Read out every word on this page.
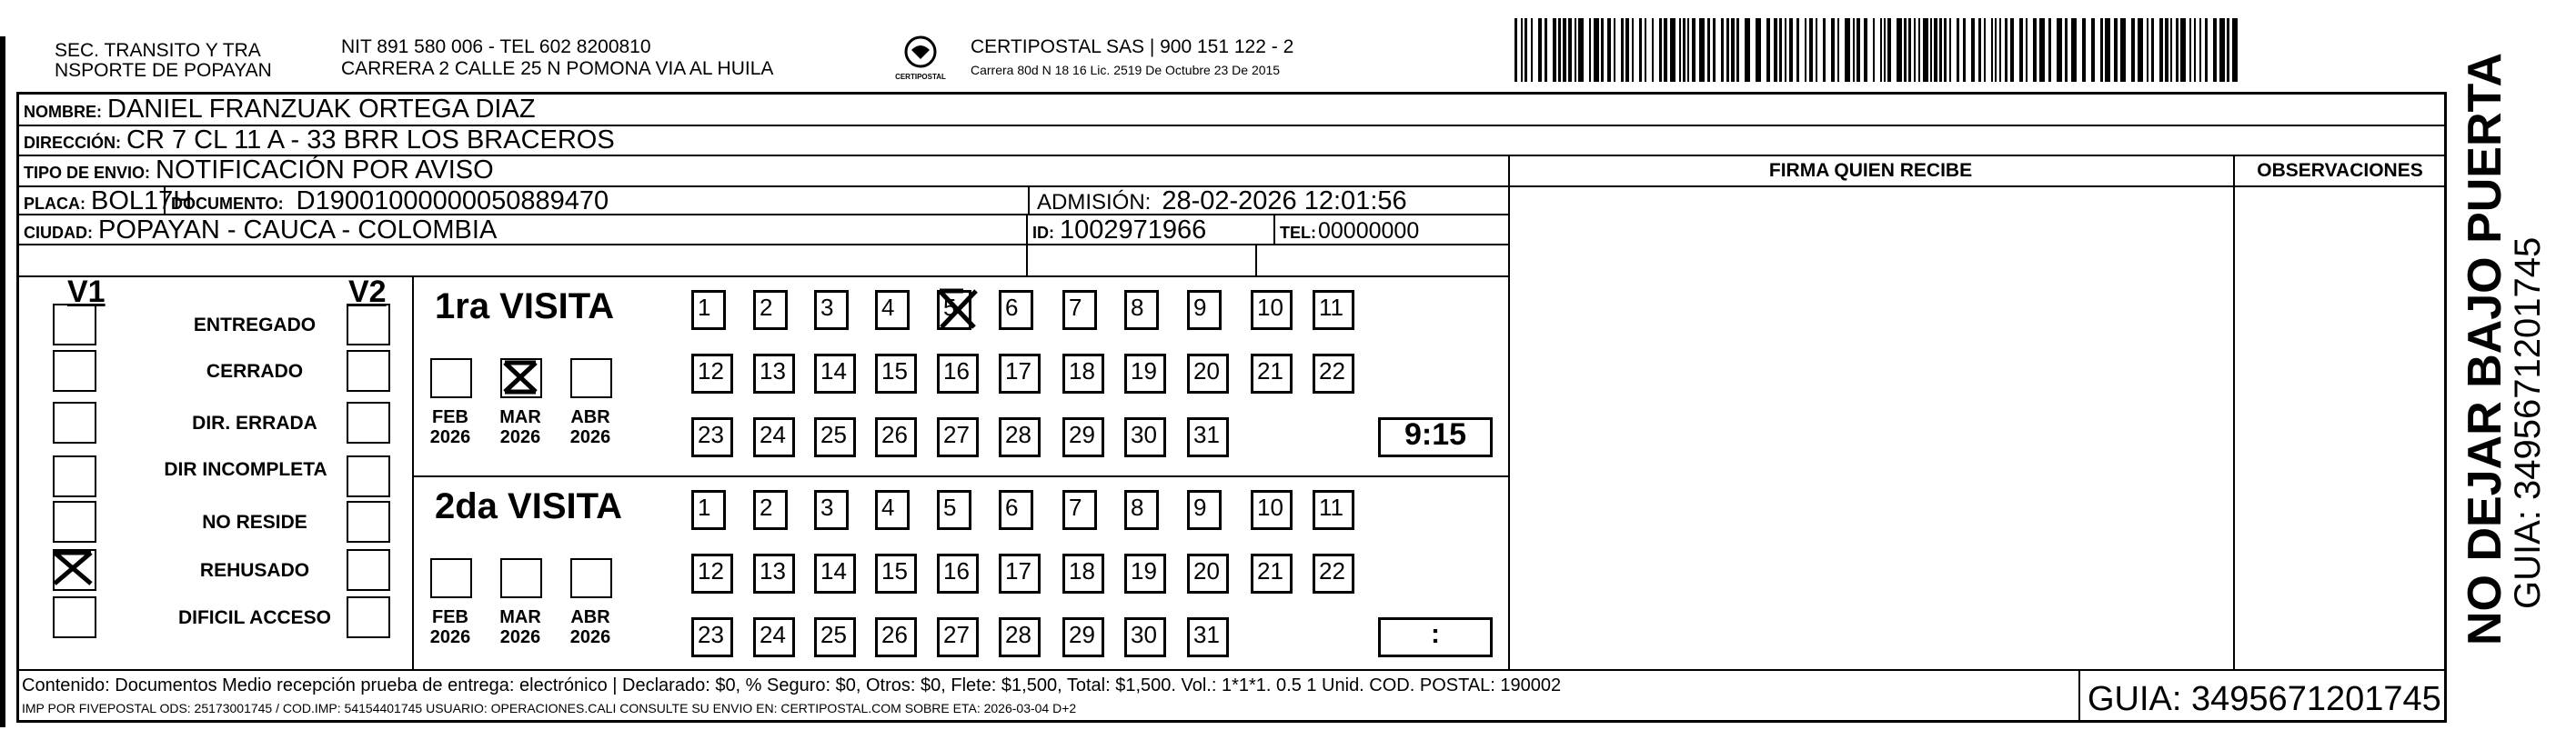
SEC. TRANSITO Y TRA
NSPORTE DE POPAYAN
NIT 891 580 006 - TEL 602 8200810
CARRERA 2 CALLE 25 N POMONA VIA AL HUILA	CERTIPOSTAL
CERTIPOSTAL SAS | 900 151 122 - 2
Carrera 80d N 18 16 Lic. 2519 De Octubre 23 De 2015
NOMBRE: DANIEL FRANZUAK ORTEGA DIAZ
DIRECCIÓN: CR 7 CL 11 A - 33 BRR LOS BRACEROS
TIPO DE ENVIO: NOTIFICACIÓN POR AVISO	FIRMA QUIEN RECIBE	OBSERVACIONES
PLACA: BOL17H
DOCUMENTO: D19001000000050889470	ADMISIÓN: 28-02-2026 12:01:56
CIUDAD: POPAYAN - CAUCA - COLOMBIA	ID: 1002971966	TEL: 00000000
V1	V2
ENTREGADO
CERRADO
DIR. ERRADA
DIR INCOMPLETA
NO RESIDE
REHUSADO
DIFICIL ACCESO
1ra VISITA
FEB
2026
MAR
2026
ABR
2026
1	2	3	4	5	6	7	8	9	10	11
12	13	14	15	16	17	18	19	20	21	22
23	24	25	26	27	28	29	30	31	9:15
2da VISITA
FEB
2026
MAR
2026
ABR
2026
1	2	3	4	5	6	7	8	9	10	11
12	13	14	15	16	17	18	19	20	21	22
23	24	25	26	27	28	29	30	31	:
Contenido: Documentos Medio recepción prueba de entrega: electrónico | Declarado: $0, % Seguro: $0, Otros: $0, Flete: $1,500, Total: $1,500. Vol.: 1*1*1. 0.5 1 Unid. COD. POSTAL: 190002
IMP POR FIVEPOSTAL ODS: 25173001745 / COD.IMP: 54154401745 USUARIO: OPERACIONES.CALI CONSULTE SU ENVIO EN: CERTIPOSTAL.COM SOBRE ETA: 2026-03-04 D+2	GUIA: 3495671201745
NO DEJAR BAJO PUERTA
GUIA: 3495671201745
